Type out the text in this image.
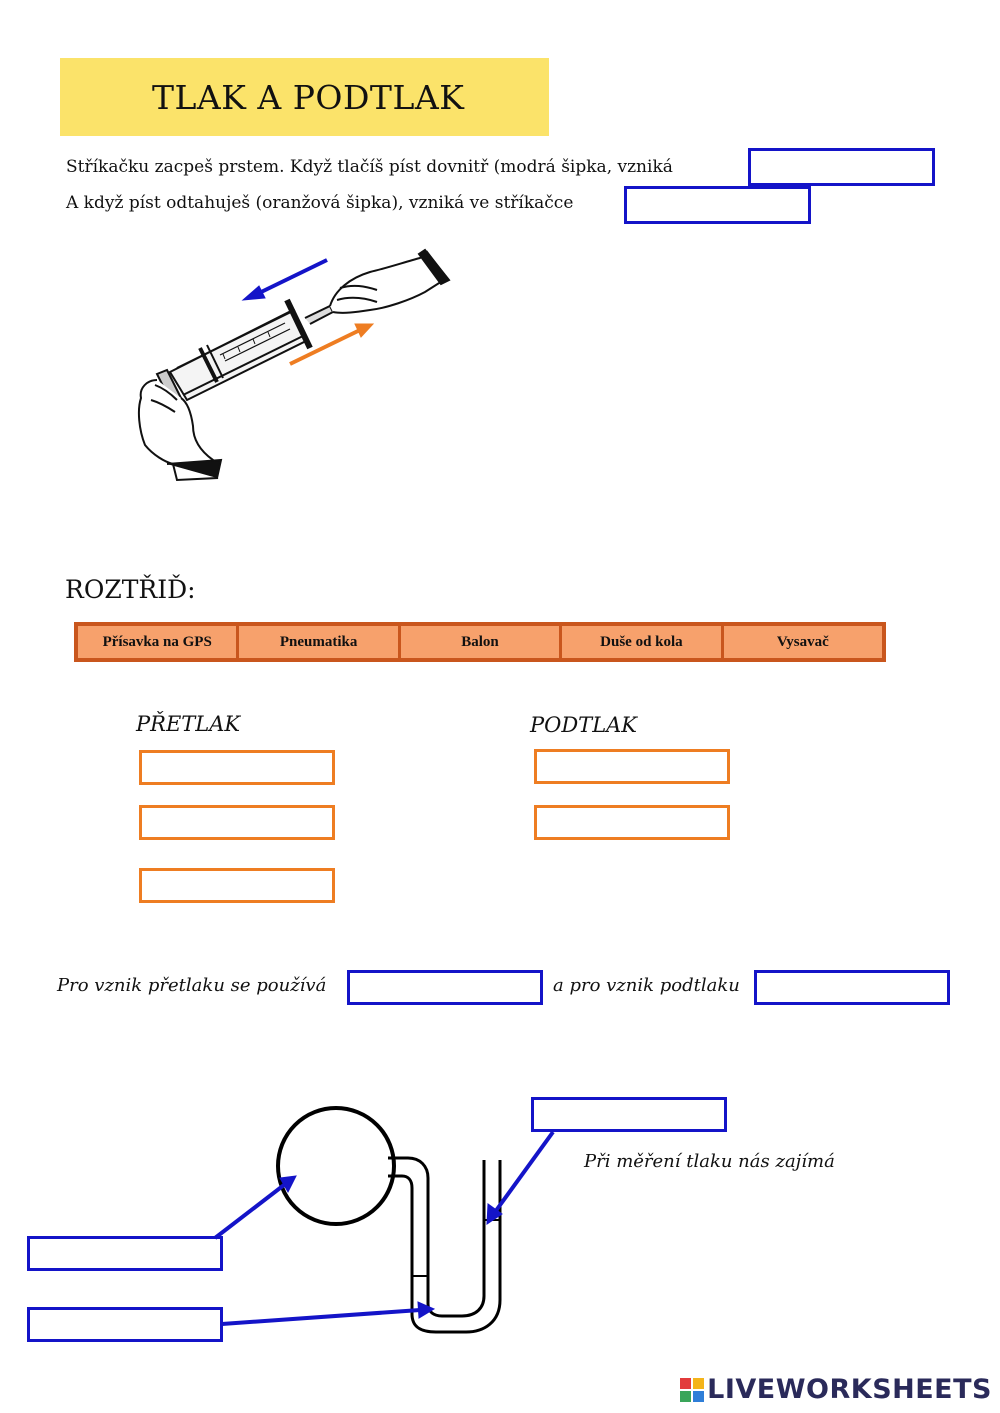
TLAK A PODTLAK
Stříkačku zacpeš prstem. Když tlačíš píst dovnitř (modrá šipka, vzniká
A když píst odtahuješ (oranžová šipka), vzniká ve stříkačce
ROZTŘIĎ:
Přísavka na GPS	Pneumatika	Balon	Duše od kola	Vysavač
PŘETLAK	PODTLAK
Pro vznik přetlaku se používá	a pro vznik podtlaku
Při měření tlaku nás zajímá
LIVEWORKSHEETS
